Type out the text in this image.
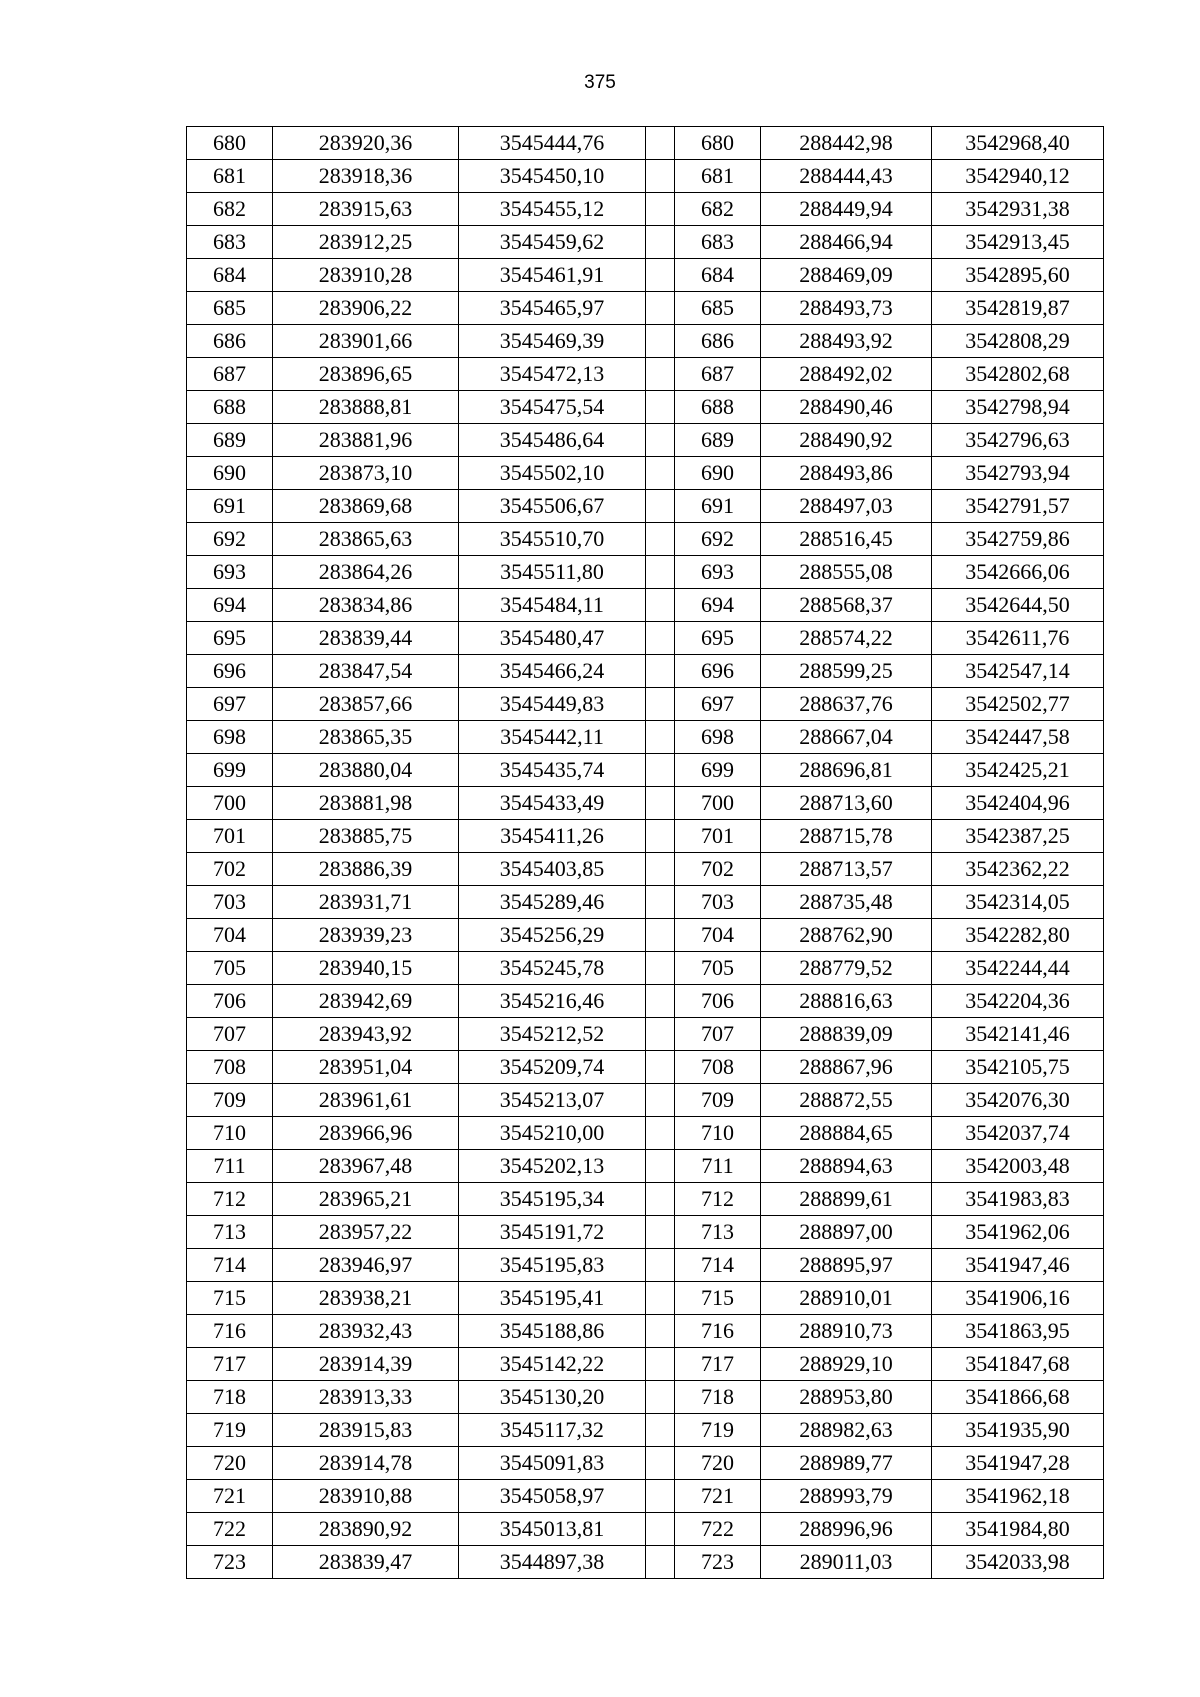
375
680	283920,36	3545444,76		680	288442,98	3542968,40
681	283918,36	3545450,10		681	288444,43	3542940,12
682	283915,63	3545455,12		682	288449,94	3542931,38
683	283912,25	3545459,62		683	288466,94	3542913,45
684	283910,28	3545461,91		684	288469,09	3542895,60
685	283906,22	3545465,97		685	288493,73	3542819,87
686	283901,66	3545469,39		686	288493,92	3542808,29
687	283896,65	3545472,13		687	288492,02	3542802,68
688	283888,81	3545475,54		688	288490,46	3542798,94
689	283881,96	3545486,64		689	288490,92	3542796,63
690	283873,10	3545502,10		690	288493,86	3542793,94
691	283869,68	3545506,67		691	288497,03	3542791,57
692	283865,63	3545510,70		692	288516,45	3542759,86
693	283864,26	3545511,80		693	288555,08	3542666,06
694	283834,86	3545484,11		694	288568,37	3542644,50
695	283839,44	3545480,47		695	288574,22	3542611,76
696	283847,54	3545466,24		696	288599,25	3542547,14
697	283857,66	3545449,83		697	288637,76	3542502,77
698	283865,35	3545442,11		698	288667,04	3542447,58
699	283880,04	3545435,74		699	288696,81	3542425,21
700	283881,98	3545433,49		700	288713,60	3542404,96
701	283885,75	3545411,26		701	288715,78	3542387,25
702	283886,39	3545403,85		702	288713,57	3542362,22
703	283931,71	3545289,46		703	288735,48	3542314,05
704	283939,23	3545256,29		704	288762,90	3542282,80
705	283940,15	3545245,78		705	288779,52	3542244,44
706	283942,69	3545216,46		706	288816,63	3542204,36
707	283943,92	3545212,52		707	288839,09	3542141,46
708	283951,04	3545209,74		708	288867,96	3542105,75
709	283961,61	3545213,07		709	288872,55	3542076,30
710	283966,96	3545210,00		710	288884,65	3542037,74
711	283967,48	3545202,13		711	288894,63	3542003,48
712	283965,21	3545195,34		712	288899,61	3541983,83
713	283957,22	3545191,72		713	288897,00	3541962,06
714	283946,97	3545195,83		714	288895,97	3541947,46
715	283938,21	3545195,41		715	288910,01	3541906,16
716	283932,43	3545188,86		716	288910,73	3541863,95
717	283914,39	3545142,22		717	288929,10	3541847,68
718	283913,33	3545130,20		718	288953,80	3541866,68
719	283915,83	3545117,32		719	288982,63	3541935,90
720	283914,78	3545091,83		720	288989,77	3541947,28
721	283910,88	3545058,97		721	288993,79	3541962,18
722	283890,92	3545013,81		722	288996,96	3541984,80
723	283839,47	3544897,38		723	289011,03	3542033,98
